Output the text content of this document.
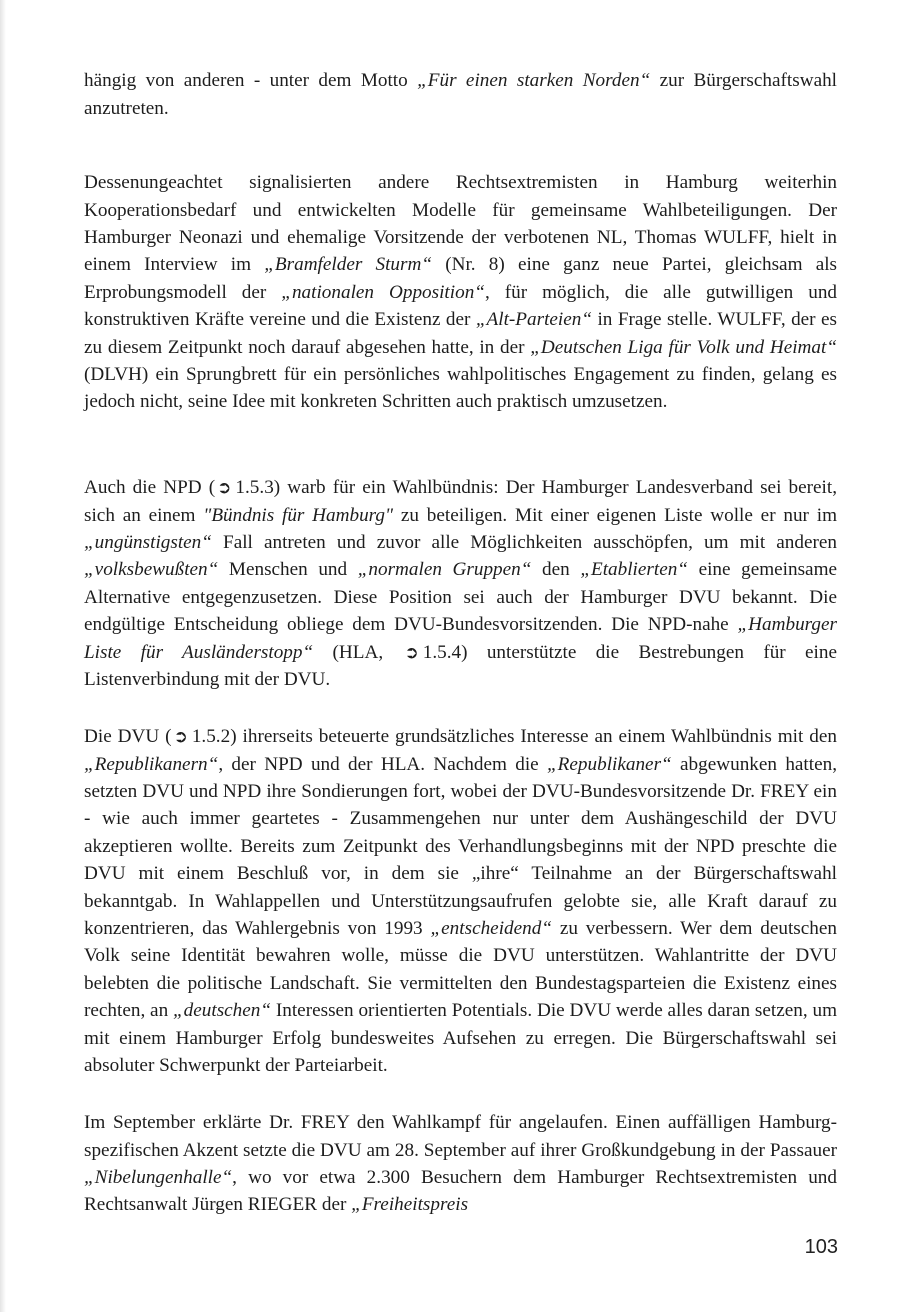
hängig von anderen - unter dem Motto „Für einen starken Norden“ zur Bürgerschaftswahl anzutreten.

Dessenungeachtet signalisierten andere Rechtsextremisten in Hamburg weiterhin Kooperationsbedarf und entwickelten Modelle für gemeinsame Wahlbeteiligungen. Der Hamburger Neonazi und ehemalige Vorsitzende der verbotenen NL, Thomas WULFF, hielt in einem Interview im „Bramfelder Sturm“ (Nr. 8) eine ganz neue Partei, gleichsam als Erprobungsmodell der „nationalen Opposition“, für möglich, die alle gutwilligen und konstruktiven Kräfte vereine und die Existenz der „Alt-Parteien“ in Frage stelle. WULFF, der es zu diesem Zeitpunkt noch darauf abgesehen hatte, in der „Deutschen Liga für Volk und Heimat“ (DLVH) ein Sprungbrett für ein persönliches wahlpolitisches Engagement zu finden, gelang es jedoch nicht, seine Idee mit konkreten Schritten auch praktisch umzusetzen.

Auch die NPD ( ➲ 1.5.3) warb für ein Wahlbündnis: Der Hamburger Landesverband sei bereit, sich an einem "Bündnis für Hamburg" zu beteiligen. Mit einer eigenen Liste wolle er nur im „ungünstigsten“ Fall antreten und zuvor alle Möglichkeiten ausschöpfen, um mit anderen „volksbewußten“ Menschen und „normalen Gruppen“ den „Etablierten“ eine gemeinsame Alternative entgegenzusetzen. Diese Position sei auch der Hamburger DVU bekannt. Die endgültige Entscheidung obliege dem DVU-Bundesvorsitzenden. Die NPD-nahe „Hamburger Liste für Ausländerstopp“ (HLA, ➲ 1.5.4) unterstützte die Bestrebungen für eine Listenverbindung mit der DVU.

Die DVU ( ➲ 1.5.2) ihrerseits beteuerte grundsätzliches Interesse an einem Wahlbündnis mit den „Republikanern“, der NPD und der HLA. Nachdem die „Republikaner“ abgewunken hatten, setzten DVU und NPD ihre Sondierungen fort, wobei der DVU-Bundesvorsitzende Dr. FREY ein - wie auch immer geartetes - Zusammengehen nur unter dem Aushängeschild der DVU akzeptieren wollte. Bereits zum Zeitpunkt des Verhandlungsbeginns mit der NPD preschte die DVU mit einem Beschluß vor, in dem sie „ihre“ Teilnahme an der Bürgerschaftswahl bekanntgab. In Wahlappellen und Unterstützungsaufrufen gelobte sie, alle Kraft darauf zu konzentrieren, das Wahlergebnis von 1993 „entscheidend“ zu verbessern. Wer dem deutschen Volk seine Identität bewahren wolle, müsse die DVU unterstützen. Wahlantritte der DVU belebten die politische Landschaft. Sie vermittelten den Bundestagsparteien die Existenz eines rechten, an „deutschen“ Interessen orientierten Potentials. Die DVU werde alles daran setzen, um mit einem Hamburger Erfolg bundesweites Aufsehen zu erregen. Die Bürgerschaftswahl sei absoluter Schwerpunkt der Parteiarbeit.

Im September erklärte Dr. FREY den Wahlkampf für angelaufen. Einen auffälligen Hamburg-spezifischen Akzent setzte die DVU am 28. September auf ihrer Großkundgebung in der Passauer „Nibelungenhalle“, wo vor etwa 2.300 Besuchern dem Hamburger Rechtsextremisten und Rechtsanwalt Jürgen RIEGER der „Freiheitspreis

103
